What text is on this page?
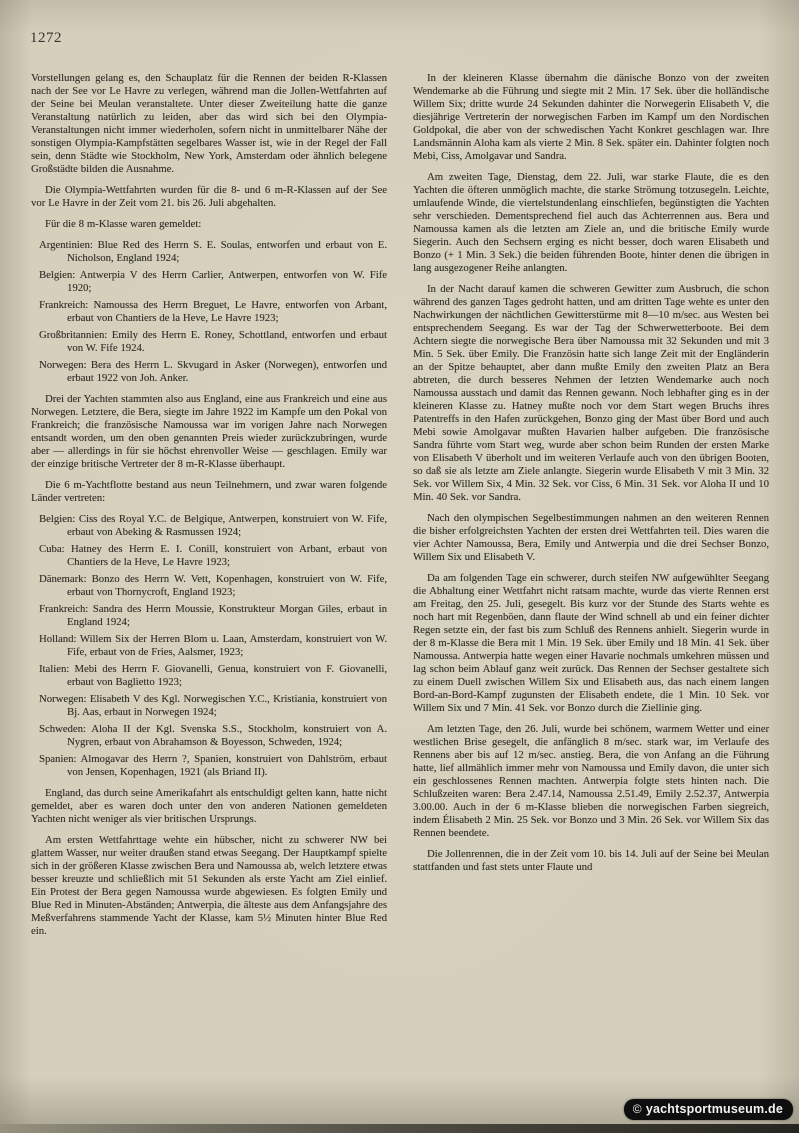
1272

Vorstellungen gelang es, den Schauplatz für die Rennen der beiden R-Klassen nach der See vor Le Havre zu verlegen, während man die Jollen-Wettfahrten auf der Seine bei Meulan veranstaltete. Unter dieser Zweiteilung hatte die ganze Veranstaltung natürlich zu leiden, aber das wird sich bei den Olympia-Veranstaltungen nicht immer wiederholen, sofern nicht in unmittelbarer Nähe der sonstigen Olympia-Kampfstätten segelbares Wasser ist, wie in der Regel der Fall sein, denn Städte wie Stockholm, New York, Amsterdam oder ähnlich belegene Großstädte bilden die Ausnahme.

Die Olympia-Wettfahrten wurden für die 8- und 6 m-R-Klassen auf der See vor Le Havre in der Zeit vom 21. bis 26. Juli abgehalten.

Für die 8 m-Klasse waren gemeldet:

Argentinien: Blue Red des Herrn S. E. Soulas, entworfen und erbaut von E. Nicholson, England 1924;

Belgien: Antwerpia V des Herrn Carlier, Antwerpen, entworfen von W. Fife 1920;

Frankreich: Namoussa des Herrn Breguet, Le Havre, entworfen von Arbant, erbaut von Chantiers de la Heve, Le Havre 1923;

Großbritannien: Emily des Herrn E. Roney, Schottland, entworfen und erbaut von W. Fife 1924.

Norwegen: Bera des Herrn L. Skvugard in Asker (Norwegen), entworfen und erbaut 1922 von Joh. Anker.

Drei der Yachten stammten also aus England, eine aus Frankreich und eine aus Norwegen. Letztere, die Bera, siegte im Jahre 1922 im Kampfe um den Pokal von Frankreich; die französische Namoussa war im vorigen Jahre nach Norwegen entsandt worden, um den oben genannten Preis wieder zurückzubringen, wurde aber — allerdings in für sie höchst ehrenvoller Weise — geschlagen. Emily war der einzige britische Vertreter der 8 m-R-Klasse überhaupt.

Die 6 m-Yachtflotte bestand aus neun Teilnehmern, und zwar waren folgende Länder vertreten:

Belgien: Ciss des Royal Y.C. de Belgique, Antwerpen, konstruiert von W. Fife, erbaut von Abeking & Rasmussen 1924;

Cuba: Hatney des Herrn E. I. Conill, konstruiert von Arbant, erbaut von Chantiers de la Heve, Le Havre 1923;

Dänemark: Bonzo des Herrn W. Vett, Kopenhagen, konstruiert von W. Fife, erbaut von Thornycroft, England 1923;

Frankreich: Sandra des Herrn Moussie, Konstrukteur Morgan Giles, erbaut in England 1924;

Holland: Willem Six der Herren Blom u. Laan, Amsterdam, konstruiert von W. Fife, erbaut von de Fries, Aalsmer, 1923;

Italien: Mebi des Herrn F. Giovanelli, Genua, konstruiert von F. Giovanelli, erbaut von Baglietto 1923;

Norwegen: Elisabeth V des Kgl. Norwegischen Y.C., Kristiania, konstruiert von Bj. Aas, erbaut in Norwegen 1924;

Schweden: Aloha II der Kgl. Svenska S.S., Stockholm, konstruiert von A. Nygren, erbaut von Abrahamson & Boyesson, Schweden, 1924;

Spanien: Almogavar des Herrn ?, Spanien, konstruiert von Dahlström, erbaut von Jensen, Kopenhagen, 1921 (als Briand II).

England, das durch seine Amerikafahrt als entschuldigt gelten kann, hatte nicht gemeldet, aber es waren doch unter den von anderen Nationen gemeldeten Yachten nicht weniger als vier britischen Ursprungs.

Am ersten Wettfahrttage wehte ein hübscher, nicht zu schwerer NW bei glattem Wasser, nur weiter draußen stand etwas Seegang. Der Hauptkampf spielte sich in der größeren Klasse zwischen Bera und Namoussa ab, welch letztere etwas besser kreuzte und schließlich mit 51 Sekunden als erste Yacht am Ziel einlief. Ein Protest der Bera gegen Namoussa wurde abgewiesen. Es folgten Emily und Blue Red in Minuten-Abständen; Antwerpia, die älteste aus dem Anfangsjahre des Meßverfahrens stammende Yacht der Klasse, kam 5½ Minuten hinter Blue Red ein.

In der kleineren Klasse übernahm die dänische Bonzo von der zweiten Wendemarke ab die Führung und siegte mit 2 Min. 17 Sek. über die holländische Willem Six; dritte wurde 24 Sekunden dahinter die Norwegerin Elisabeth V, die diesjährige Vertreterin der norwegischen Farben im Kampf um den Nordischen Goldpokal, die aber von der schwedischen Yacht Konkret geschlagen war. Ihre Landsmännin Aloha kam als vierte 2 Min. 8 Sek. später ein. Dahinter folgten noch Mebi, Ciss, Amolgavar und Sandra.

Am zweiten Tage, Dienstag, dem 22. Juli, war starke Flaute, die es den Yachten die öfteren unmöglich machte, die starke Strömung totzusegeln. Leichte, umlaufende Winde, die viertelstundenlang einschliefen, begünstigten die Yachten sehr verschieden. Dementsprechend fiel auch das Achterrennen aus. Bera und Namoussa kamen als die letzten am Ziele an, und die britische Emily wurde Siegerin. Auch den Sechsern erging es nicht besser, doch waren Elisabeth und Bonzo (+ 1 Min. 3 Sek.) die beiden führenden Boote, hinter denen die übrigen in lang ausgezogener Reihe anlangten.

In der Nacht darauf kamen die schweren Gewitter zum Ausbruch, die schon während des ganzen Tages gedroht hatten, und am dritten Tage wehte es unter den Nachwirkungen der nächtlichen Gewitterstürme mit 8—10 m/sec. aus Westen bei entsprechendem Seegang. Es war der Tag der Schwerwetterboote. Bei dem Achtern siegte die norwegische Bera über Namoussa mit 32 Sekunden und mit 3 Min. 5 Sek. über Emily. Die Französin hatte sich lange Zeit mit der Engländerin an der Spitze behauptet, aber dann mußte Emily den zweiten Platz an Bera abtreten, die durch besseres Nehmen der letzten Wendemarke auch noch Namoussa ausstach und damit das Rennen gewann. Noch lebhafter ging es in der kleineren Klasse zu. Hatney mußte noch vor dem Start wegen Bruchs ihres Patentreffs in den Hafen zurückgehen, Bonzo ging der Mast über Bord und auch Mebi sowie Amolgavar mußten Havarien halber aufgeben. Die französische Sandra führte vom Start weg, wurde aber schon beim Runden der ersten Marke von Elisabeth V überholt und im weiteren Verlaufe auch von den übrigen Booten, so daß sie als letzte am Ziele anlangte. Siegerin wurde Elisabeth V mit 3 Min. 32 Sek. vor Willem Six, 4 Min. 32 Sek. vor Ciss, 6 Min. 31 Sek. vor Aloha II und 10 Min. 40 Sek. vor Sandra.

Nach den olympischen Segelbestimmungen nahmen an den weiteren Rennen die bisher erfolgreichsten Yachten der ersten drei Wettfahrten teil. Dies waren die vier Achter Namoussa, Bera, Emily und Antwerpia und die drei Sechser Bonzo, Willem Six und Elisabeth V.

Da am folgenden Tage ein schwerer, durch steifen NW aufgewühlter Seegang die Abhaltung einer Wettfahrt nicht ratsam machte, wurde das vierte Rennen erst am Freitag, den 25. Juli, gesegelt. Bis kurz vor der Stunde des Starts wehte es noch hart mit Regenböen, dann flaute der Wind schnell ab und ein feiner dichter Regen setzte ein, der fast bis zum Schluß des Rennens anhielt. Siegerin wurde in der 8 m-Klasse die Bera mit 1 Min. 19 Sek. über Emily und 18 Min. 41 Sek. über Namoussa. Antwerpia hatte wegen einer Havarie nochmals umkehren müssen und lag schon beim Ablauf ganz weit zurück. Das Rennen der Sechser gestaltete sich zu einem Duell zwischen Willem Six und Elisabeth aus, das nach einem langen Bord-an-Bord-Kampf zugunsten der Elisabeth endete, die 1 Min. 10 Sek. vor Willem Six und 7 Min. 41 Sek. vor Bonzo durch die Ziellinie ging.

Am letzten Tage, den 26. Juli, wurde bei schönem, warmem Wetter und einer westlichen Brise gesegelt, die anfänglich 8 m/sec. stark war, im Verlaufe des Rennens aber bis auf 12 m/sec. anstieg. Bera, die von Anfang an die Führung hatte, lief allmählich immer mehr von Namoussa und Emily davon, die unter sich ein geschlossenes Rennen machten. Antwerpia folgte stets hinten nach. Die Schlußzeiten waren: Bera 2.47.14, Namoussa 2.51.49, Emily 2.52.37, Antwerpia 3.00.00. Auch in der 6 m-Klasse blieben die norwegischen Farben siegreich, indem Élisabeth 2 Min. 25 Sek. vor Bonzo und 3 Min. 26 Sek. vor Willem Six das Rennen beendete.

Die Jollenrennen, die in der Zeit vom 10. bis 14. Juli auf der Seine bei Meulan stattfanden und fast stets unter Flaute und

© yachtsportmuseum.de
